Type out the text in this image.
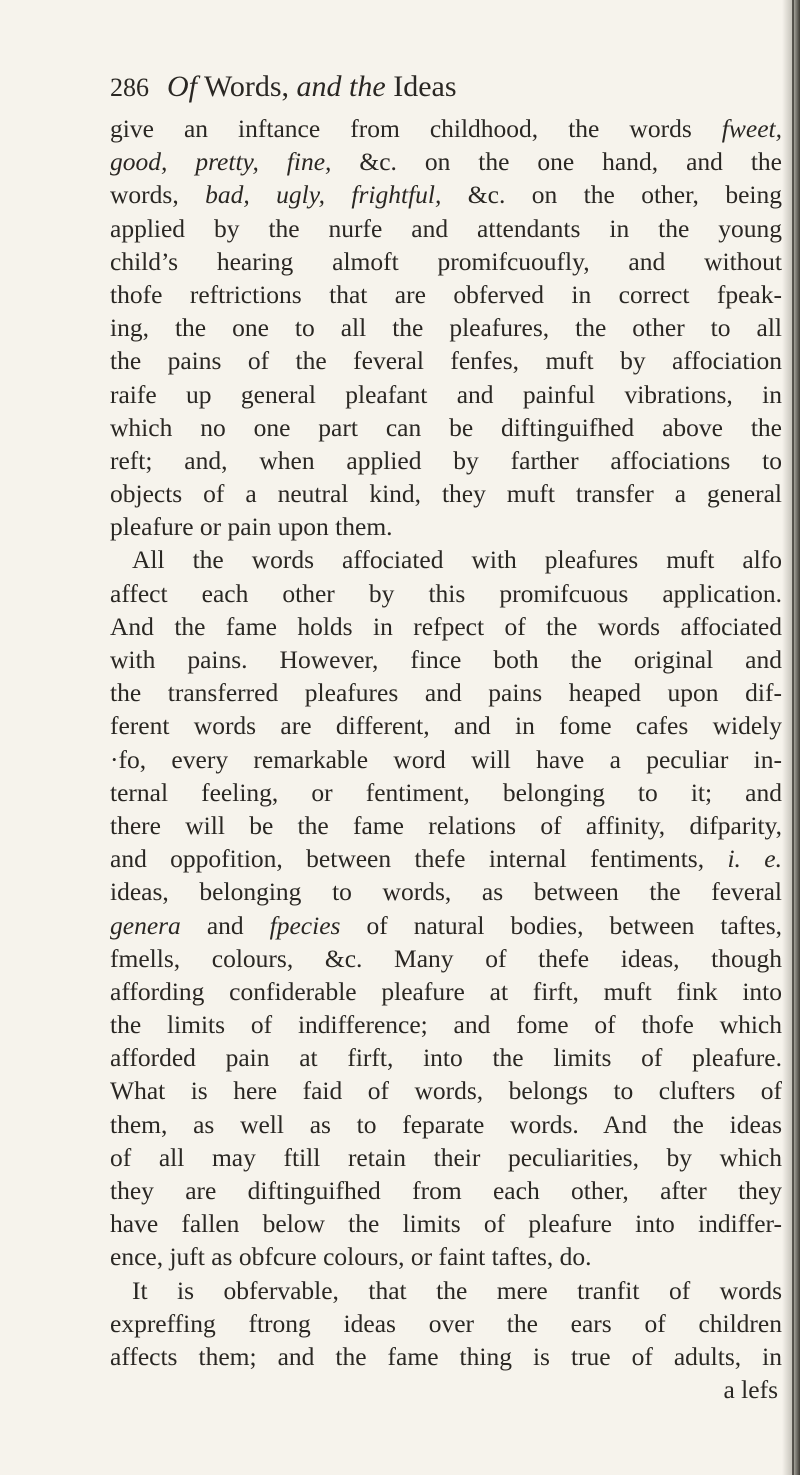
286 Of Words, and the Ideas
give an inftance from childhood, the words fweet,
good, pretty, fine, &c. on the one hand, and the
words, bad, ugly, frightful, &c. on the other, being
applied by the nurfe and attendants in the young
child’s hearing almoft promifcuoufly, and without
thofe reftrictions that are obferved in correct fpeak-
ing, the one to all the pleafures, the other to all
the pains of the feveral fenfes, muft by affociation
raife up general pleafant and painful vibrations, in
which no one part can be diftinguifhed above the
reft; and, when applied by farther affociations to
objects of a neutral kind, they muft transfer a general
pleafure or pain upon them.
All the words affociated with pleafures muft alfo
affect each other by this promifcuous application.
And the fame holds in refpect of the words affociated
with pains. However, fince both the original and
the transferred pleafures and pains heaped upon dif-
ferent words are different, and in fome cafes widely
·fo, every remarkable word will have a peculiar in-
ternal feeling, or fentiment, belonging to it; and
there will be the fame relations of affinity, difparity,
and oppofition, between thefe internal fentiments, i. e.
ideas, belonging to words, as between the feveral
genera and fpecies of natural bodies, between taftes,
fmells, colours, &c. Many of thefe ideas, though
affording confiderable pleafure at firft, muft fink into
the limits of indifference; and fome of thofe which
afforded pain at firft, into the limits of pleafure.
What is here faid of words, belongs to clufters of
them, as well as to feparate words. And the ideas
of all may ftill retain their peculiarities, by which
they are diftinguifhed from each other, after they
have fallen below the limits of pleafure into indiffer-
ence, juft as obfcure colours, or faint taftes, do.
It is obfervable, that the mere tranfit of words
expreffing ftrong ideas over the ears of children
affects them; and the fame thing is true of adults, in
a lefs
